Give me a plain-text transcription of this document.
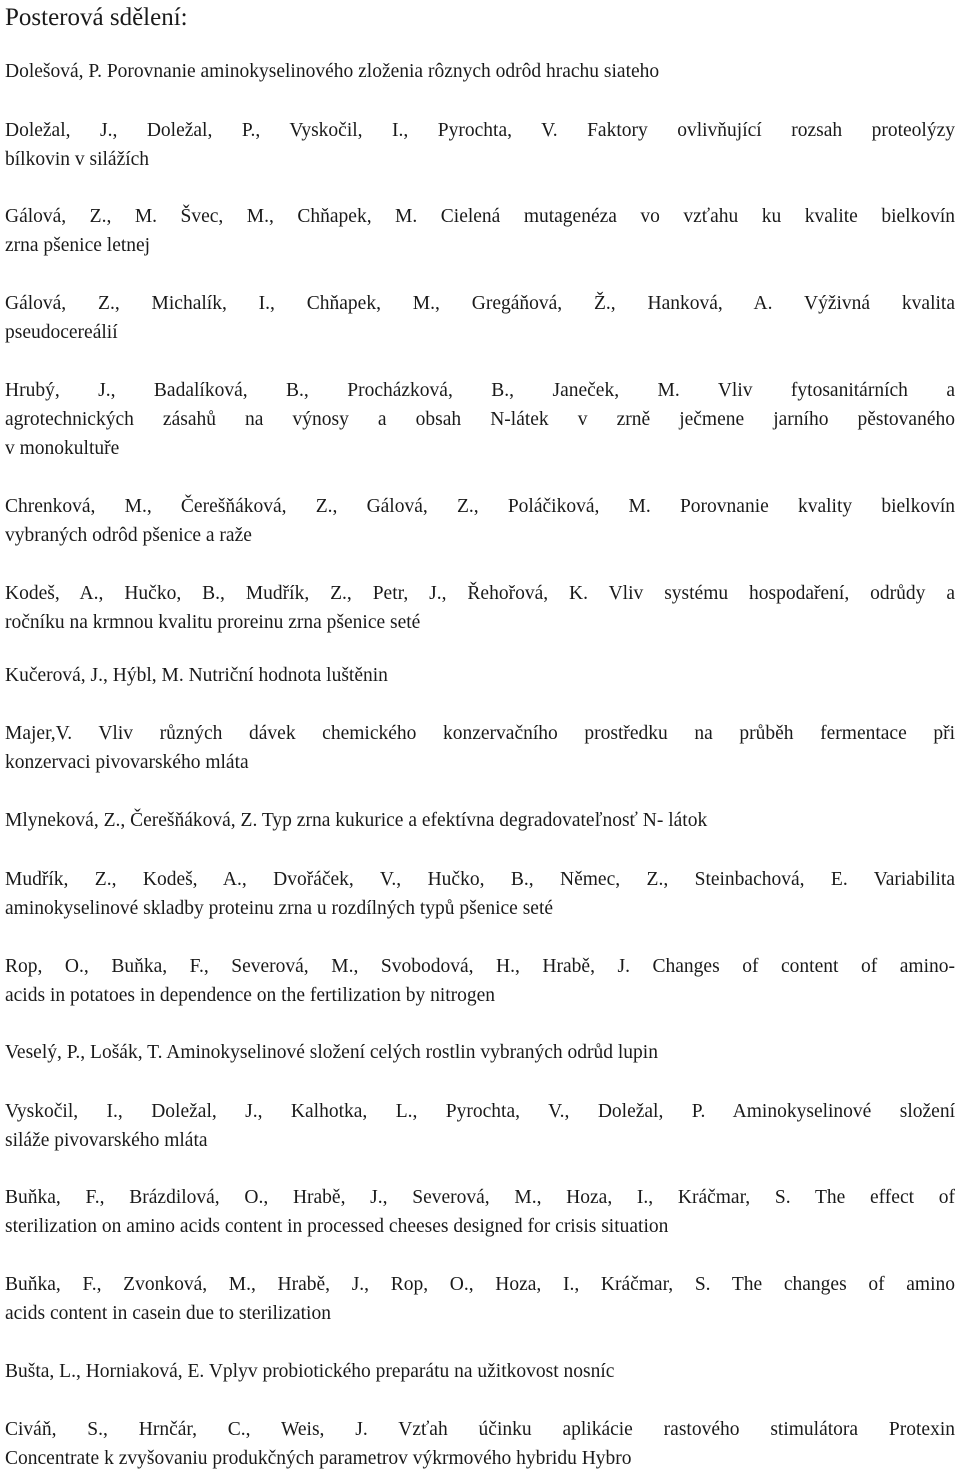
Posterová sdělení:

Dolešová, P. Porovnanie aminokyselinového zloženia rôznych odrôd hrachu siateho

Doležal, J., Doležal, P., Vyskočil, I., Pyrochta, V. Faktory ovlivňující rozsah proteolýzy
bílkovin v silážích

Gálová, Z., M. Švec, M., Chňapek, M. Cielená mutagenéza vo vzťahu ku kvalite bielkovín
zrna pšenice letnej

Gálová, Z., Michalík, I., Chňapek, M., Gregáňová, Ž., Hanková, A. Výživná kvalita
pseudocereálií

Hrubý, J., Badalíková, B., Procházková, B., Janeček, M. Vliv fytosanitárních a
agrotechnických zásahů na výnosy a obsah N-látek v zrně ječmene jarního pěstovaného
v monokultuře

Chrenková, M., Čerešňáková, Z., Gálová, Z., Poláčiková, M. Porovnanie kvality bielkovín
vybraných odrôd pšenice a raže

Kodeš, A., Hučko, B., Mudřík, Z., Petr, J., Řehořová, K. Vliv systému hospodaření, odrůdy a
ročníku na krmnou kvalitu proreinu zrna pšenice seté

Kučerová, J., Hýbl, M. Nutriční hodnota luštěnin

Majer,V. Vliv různých dávek chemického konzervačního prostředku na průběh fermentace při
konzervaci pivovarského mláta

Mlyneková, Z., Čerešňáková, Z. Typ zrna kukurice a efektívna degradovateľnosť N- látok

Mudřík, Z., Kodeš, A., Dvořáček, V., Hučko, B., Němec, Z., Steinbachová, E. Variabilita
aminokyselinové skladby proteinu zrna u rozdílných typů pšenice seté

Rop, O., Buňka, F., Severová, M., Svobodová, H., Hrabě, J. Changes of content of amino-
acids in potatoes in dependence on the fertilization by nitrogen

Veselý, P., Lošák, T. Aminokyselinové složení celých rostlin vybraných odrůd lupin

Vyskočil, I., Doležal, J., Kalhotka, L., Pyrochta, V., Doležal, P. Aminokyselinové složení
siláže pivovarského mláta

Buňka, F., Brázdilová, O., Hrabě, J., Severová, M., Hoza, I., Kráčmar, S. The effect of
sterilization on amino acids content in processed cheeses designed for crisis situation

Buňka, F., Zvonková, M., Hrabě, J., Rop, O., Hoza, I., Kráčmar, S. The changes of amino
acids content in casein due to sterilization

Bušta, L., Horniaková, E. Vplyv probiotického preparátu na užitkovost nosníc

Civáň, S., Hrnčár, C., Weis, J. Vzťah účinku aplikácie rastového stimulátora Protexin
Concentrate k zvyšovaniu produkčných parametrov výkrmového hybridu Hybro
